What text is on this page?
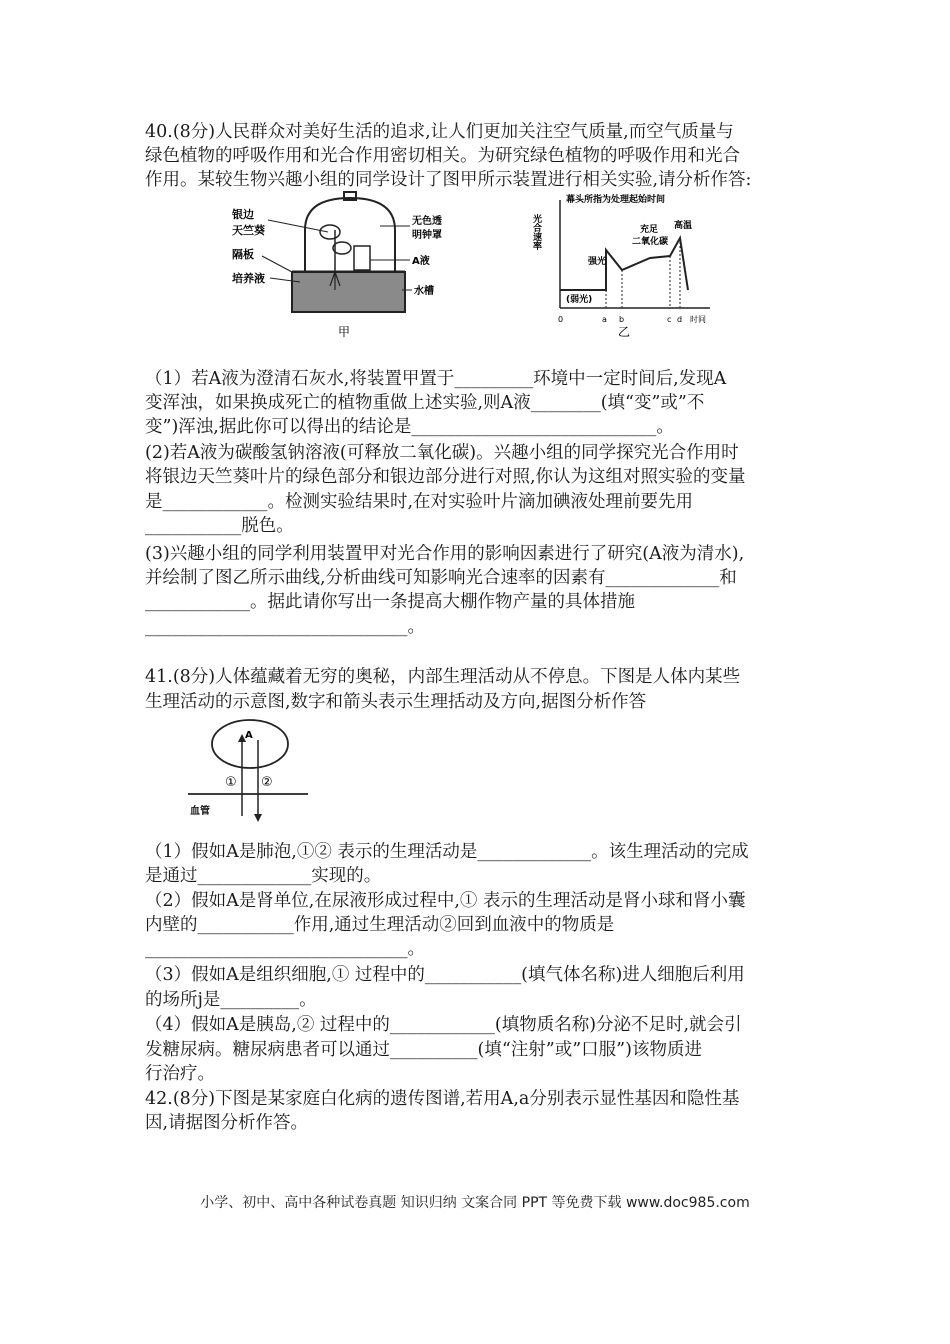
40.(8分)人民群众对美好生活的追求,让人们更加关注空气质量,而空气质量与
绿色植物的呼吸作用和光合作用密切相关。为研究绿色植物的呼吸作用和光合
作用。某较生物兴趣小组的同学设计了图甲所示装置进行相关实验,请分析作答:
银边
天竺葵
隔板
培养液
无色透
明钟罩
A液
水槽
甲
光合速率
幕头所指为处理起始时间
强光
充足
二氧化碳
高温
(弱光)
0	a b	c d 时间
乙
（1）若A液为澄清石灰水,将装置甲置于_________环境中一定时间后,发现A
变浑浊，如果换成死亡的植物重做上述实验,则A液________(填“变”或”不
变”)浑浊,据此你可以得出的结论是____________________________。
(2)若A液为碳酸氢钠溶液(可释放二氧化碳)。兴趣小组的同学探究光合作用时
将银边天竺葵叶片的绿色部分和银边部分进行对照,你认为这组对照实验的变量
是____________。检测实验结果时,在对实验叶片滴加碘液处理前要先用
___________脱色。
(3)兴趣小组的同学利用装置甲对光合作用的影响因素进行了研究(A液为清水),
并绘制了图乙所示曲线,分析曲线可知影响光合速率的因素有_____________和
____________。据此请你写出一条提高大棚作物产量的具体措施
______________________________。
41.(8分)人体蕴藏着无穷的奥秘，内部生理活动从不停息。下图是人体内某些
生理活动的示意图,数字和箭头表示生理括动及方向,据图分析作答
A
① ②
血管
（1）假如A是肺泡,①② 表示的生理活动是_____________。该生理活动的完成
是通过_____________实现的。
（2）假如A是肾单位,在尿液形成过程中,① 表示的生理活动是肾小球和肾小囊
内壁的___________作用,通过生理活动②回到血液中的物质是
______________________________。
（3）假如A是组织细胞,① 过程中的___________(填气体名称)进人细胞后利用
的场所j是_________。
（4）假如A是胰岛,② 过程中的____________(填物质名称)分泌不足时,就会引
发糖尿病。糖尿病患者可以通过__________(填“注射”或”口服”)该物质进
行治疗。
42.(8分)下图是某家庭白化病的遗传图谱,若用A,a分别表示显性基因和隐性基
因,请据图分析作答。
小学、初中、高中各种试卷真题 知识归纳 文案合同 PPT 等免费下载 www.doc985.com
